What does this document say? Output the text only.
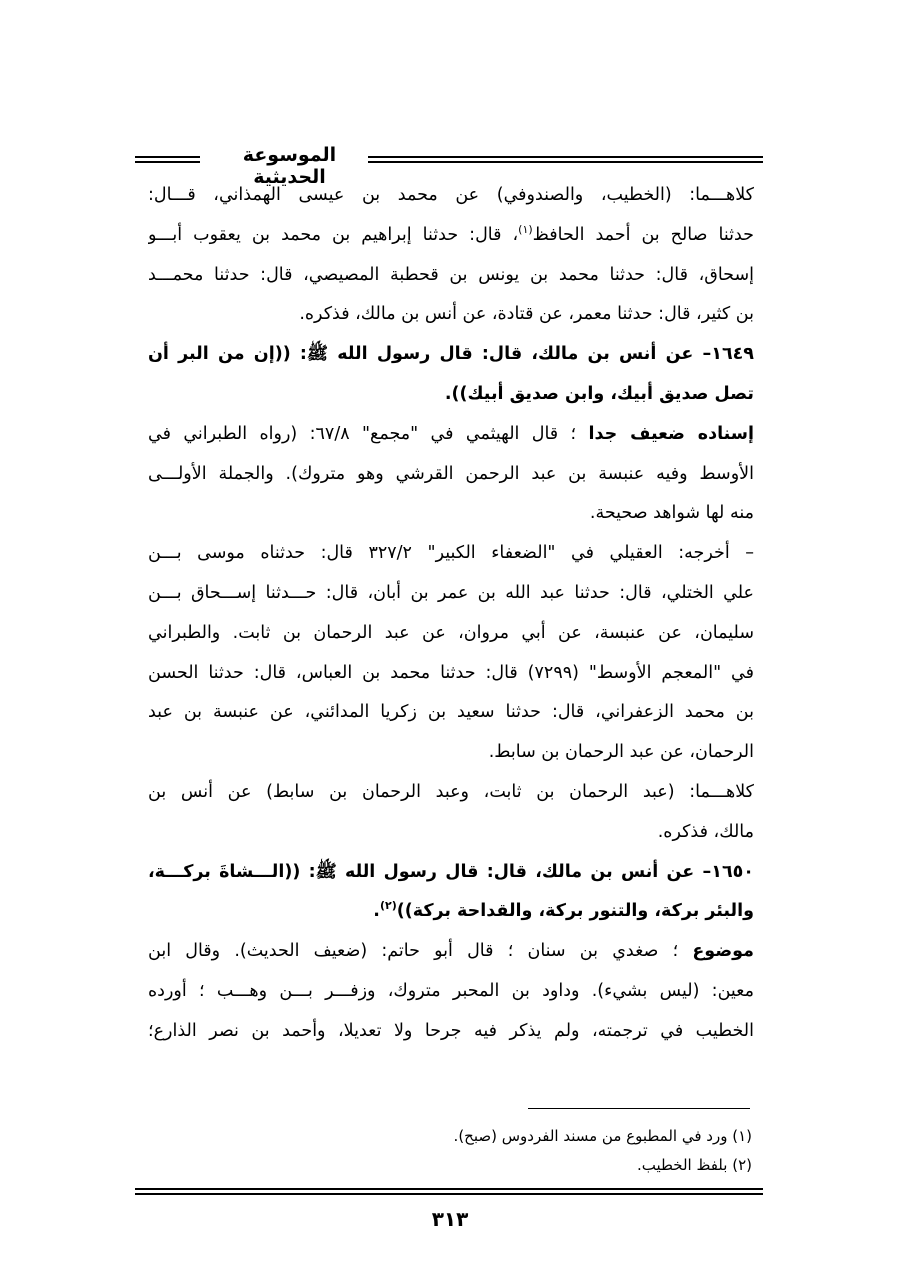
الموسوعة الحديثية
كلاهـــما: (الخطيب، والصندوفي) عن محمد بن عيسى الهمذاني، قـــال:
حدثنا صالح بن أحمد الحافظ$^{(١)}$، قال: حدثنا إبراهيم بن محمد بن يعقوب أبـــو
إسحاق، قال: حدثنا محمد بن يونس بن قحطبة المصيصي، قال: حدثنا محمـــد
بن كثير، قال: حدثنا معمر، عن قتادة، عن أنس بن مالك، فذكره.
١٦٤٩– عن أنس بن مالك، قال: قال رسول الله ﷺ: ((إن من البر أن
تصل صديق أبيك، وابن صديق أبيك)).
إسناده ضعيف جدا ؛ قال الهيثمي في "مجمع" ٦٧/٨: (رواه الطبراني في
الأوسط وفيه عنبسة بن عبد الرحمن القرشي وهو متروك). والجملة الأولـــى
منه لها شواهد صحيحة.
– أخرجه: العقيلي في "الضعفاء الكبير" ٣٢٧/٢ قال: حدثناه موسى بـــن
علي الختلي، قال: حدثنا عبد الله بن عمر بن أبان، قال: حـــدثنا إســـحاق بـــن
سليمان، عن عنبسة، عن أبي مروان، عن عبد الرحمان بن ثابت. والطبراني
في "المعجم الأوسط" (٧٢٩٩) قال: حدثنا محمد بن العباس، قال: حدثنا الحسن
بن محمد الزعفراني، قال: حدثنا سعيد بن زكريا المدائني، عن عنبسة بن عبد
الرحمان، عن عبد الرحمان بن سابط.
كلاهـــما: (عبد الرحمان بن ثابت، وعبد الرحمان بن سابط) عن أنس بن
مالك، فذكره.
١٦٥٠– عن أنس بن مالك، قال: قال رسول الله ﷺ: ((الـــشاةَ بركـــة،
والبئر بركة، والتنور بركة، والقداحة بركة))$^{(٢)}$.
موضوع ؛ صغدي بن سنان ؛ قال أبو حاتم: (ضعيف الحديث). وقال ابن
معين: (ليس بشيء). وداود بن المحبر متروك، وزفـــر بـــن وهـــب ؛ أورده
الخطيب في ترجمته، ولم يذكر فيه جرحا ولا تعديلا، وأحمد بن نصر الذارع؛
(١) ورد في المطبوع من مسند الفردوس (صبح).
(٢) بلفظ الخطيب.
٣١٣
